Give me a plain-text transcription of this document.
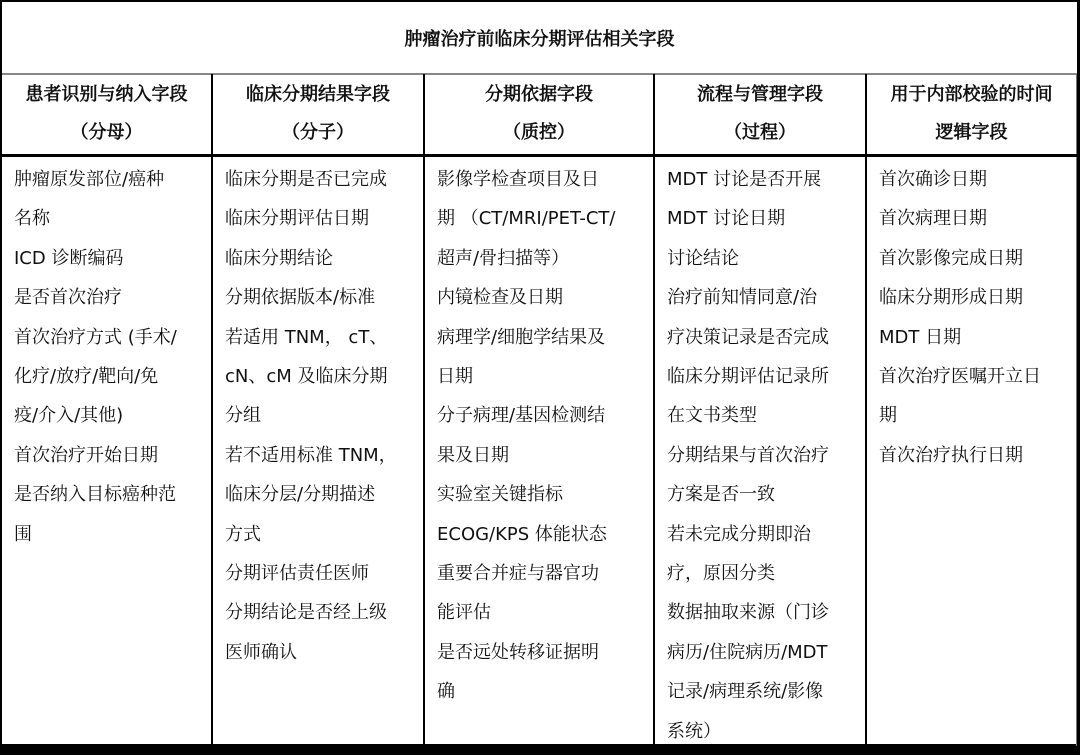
肿瘤治疗前临床分期评估相关字段
患者识别与纳入字段
（分母）
临床分期结果字段
（分子）
分期依据字段
（质控）
流程与管理字段
（过程）
用于内部校验的时间
逻辑字段
肿瘤原发部位/癌种
名称
ICD 诊断编码
是否首次治疗
首次治疗方式 (手术/
化疗/放疗/靶向/免
疫/介入/其他)
首次治疗开始日期
是否纳入目标癌种范
围
临床分期是否已完成
临床分期评估日期
临床分期结论
分期依据版本/标准
若适用 TNM， cT、
cN、cM 及临床分期
分组
若不适用标准 TNM，
临床分层/分期描述
方式
分期评估责任医师
分期结论是否经上级
医师确认
影像学检查项目及日
期 （CT/MRI/PET-CT/
超声/骨扫描等）
内镜检查及日期
病理学/细胞学结果及
日期
分子病理/基因检测结
果及日期
实验室关键指标
ECOG/KPS 体能状态
重要合并症与器官功
能评估
是否远处转移证据明
确
MDT 讨论是否开展
MDT 讨论日期
讨论结论
治疗前知情同意/治
疗决策记录是否完成
临床分期评估记录所
在文书类型
分期结果与首次治疗
方案是否一致
若未完成分期即治
疗，原因分类
数据抽取来源（门诊
病历/住院病历/MDT
记录/病理系统/影像
系统）
首次确诊日期
首次病理日期
首次影像完成日期
临床分期形成日期
MDT 日期
首次治疗医嘱开立日
期
首次治疗执行日期
